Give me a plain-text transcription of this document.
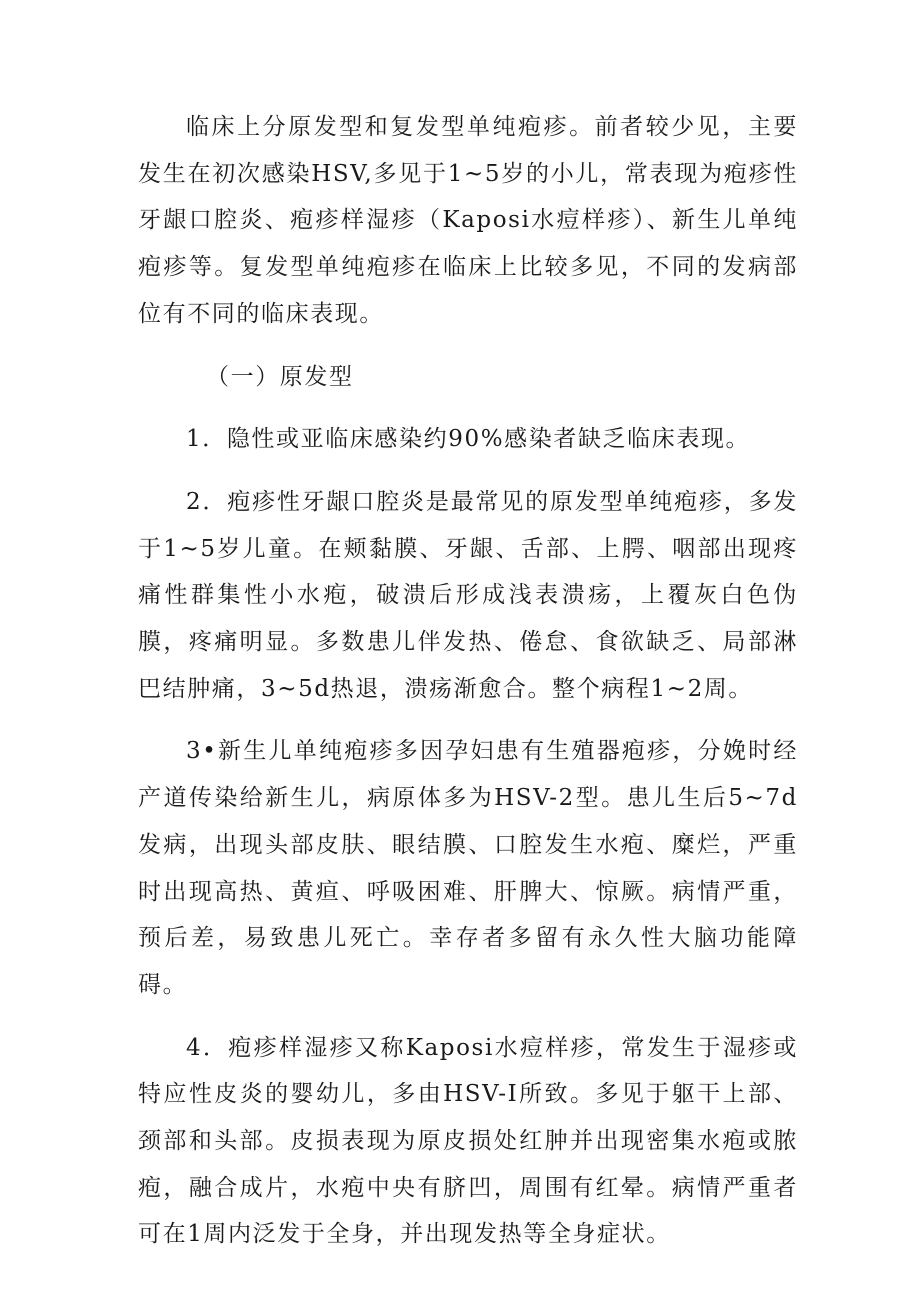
临床上分原发型和复发型单纯疱疹。前者较少见，主要发生在初次感染HSV,多见于1~5岁的小儿，常表现为疱疹性牙龈口腔炎、疱疹样湿疹（Kaposi水痘样疹）、新生儿单纯疱疹等。复发型单纯疱疹在临床上比较多见，不同的发病部位有不同的临床表现。

（一）原发型

1．隐性或亚临床感染约90%感染者缺乏临床表现。

2．疱疹性牙龈口腔炎是最常见的原发型单纯疱疹，多发于1~5岁儿童。在颊黏膜、牙龈、舌部、上腭、咽部出现疼痛性群集性小水疱，破溃后形成浅表溃疡，上覆灰白色伪膜，疼痛明显。多数患儿伴发热、倦怠、食欲缺乏、局部淋巴结肿痛，3~5d热退，溃疡渐愈合。整个病程1~2周。

3•新生儿单纯疱疹多因孕妇患有生殖器疱疹，分娩时经产道传染给新生儿，病原体多为HSV-2型。患儿生后5~7d发病，出现头部皮肤、眼结膜、口腔发生水疱、糜烂，严重时出现高热、黄疸、呼吸困难、肝脾大、惊厥。病情严重，预后差，易致患儿死亡。幸存者多留有永久性大脑功能障碍。

4．疱疹样湿疹又称Kaposi水痘样疹，常发生于湿疹或特应性皮炎的婴幼儿，多由HSV-I所致。多见于躯干上部、颈部和头部。皮损表现为原皮损处红肿并出现密集水疱或脓疱，融合成片，水疱中央有脐凹，周围有红晕。病情严重者可在1周内泛发于全身，并出现发热等全身症状。
